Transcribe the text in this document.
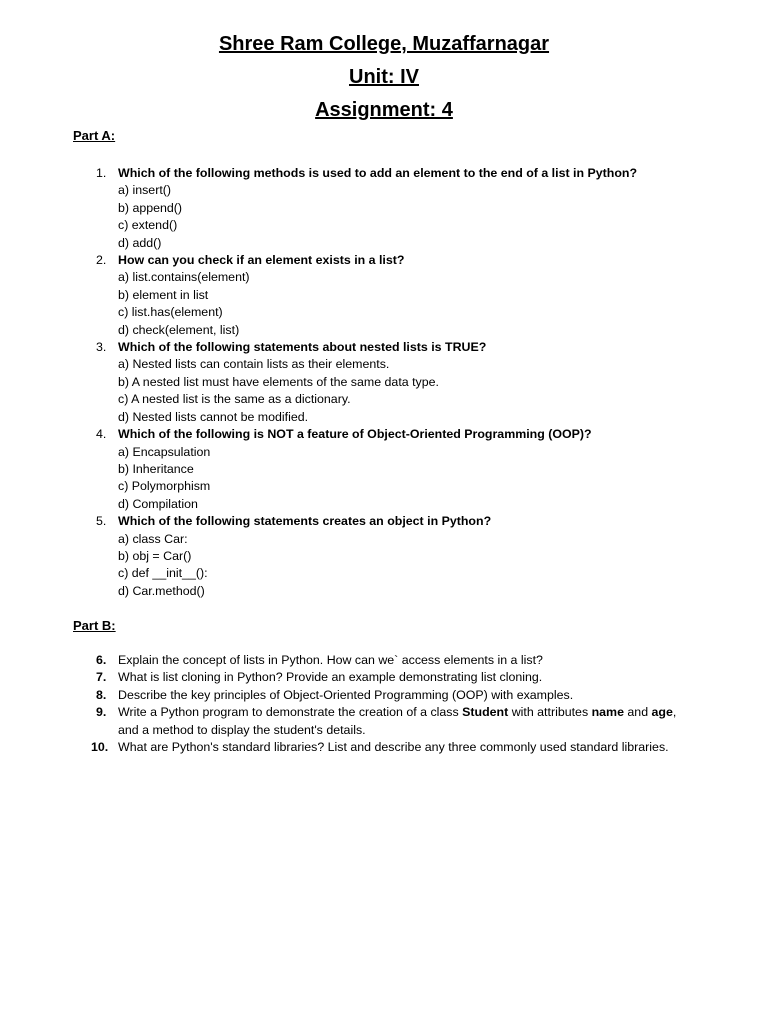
Shree Ram College, Muzaffarnagar
Unit: IV
Assignment: 4
Part A:
1. Which of the following methods is used to add an element to the end of a list in Python?
a) insert()
b) append()
c) extend()
d) add()
2. How can you check if an element exists in a list?
a) list.contains(element)
b) element in list
c) list.has(element)
d) check(element, list)
3. Which of the following statements about nested lists is TRUE?
a) Nested lists can contain lists as their elements.
b) A nested list must have elements of the same data type.
c) A nested list is the same as a dictionary.
d) Nested lists cannot be modified.
4. Which of the following is NOT a feature of Object-Oriented Programming (OOP)?
a) Encapsulation
b) Inheritance
c) Polymorphism
d) Compilation
5. Which of the following statements creates an object in Python?
a) class Car:
b) obj = Car()
c) def __init__():
d) Car.method()
Part B:
6. Explain the concept of lists in Python. How can we` access elements in a list?
7. What is list cloning in Python? Provide an example demonstrating list cloning.
8. Describe the key principles of Object-Oriented Programming (OOP) with examples.
9. Write a Python program to demonstrate the creation of a class Student with attributes name and age, and a method to display the student's details.
10. What are Python's standard libraries? List and describe any three commonly used standard libraries.
